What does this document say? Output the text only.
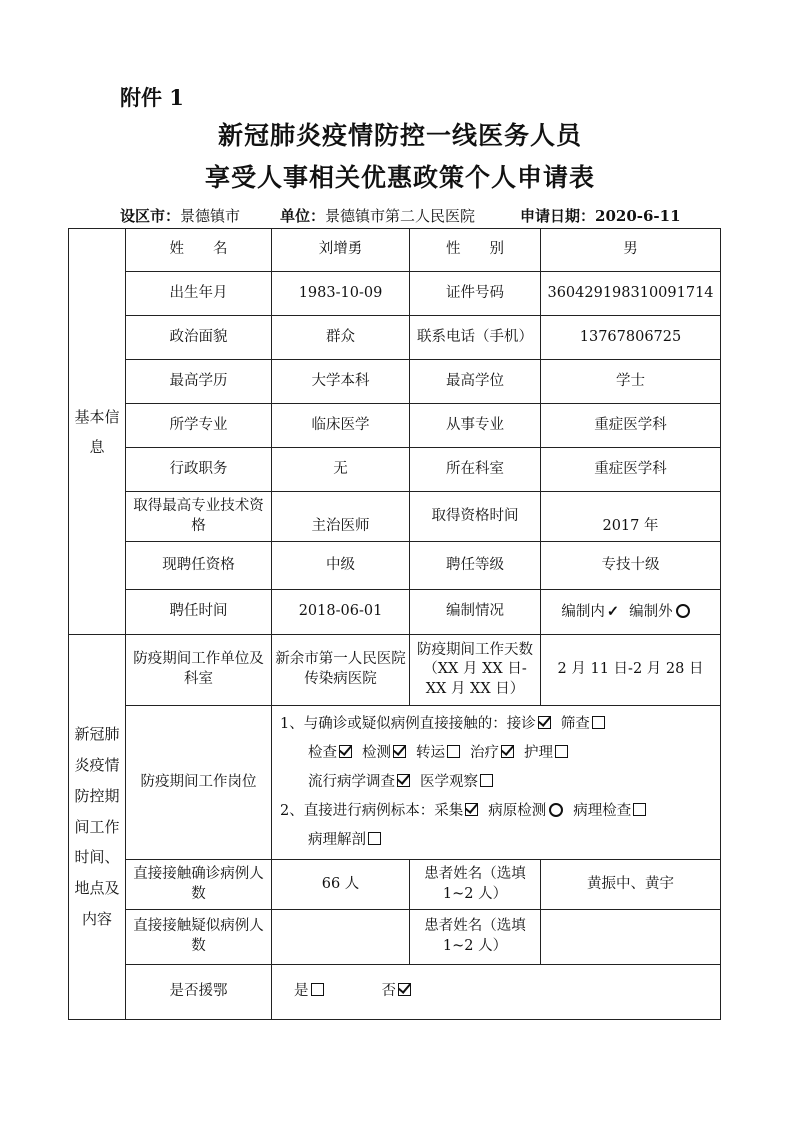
附件 1
新冠肺炎疫情防控一线医务人员
享受人事相关优惠政策个人申请表
设区市：景德镇市	单位：景德镇市第二人民医院	申请日期：2020-6-11
基本信息	姓　　名	刘增勇	性　　别	男
	出生年月	1983-10-09	证件号码	360429198310091714
	政治面貌	群众	联系电话（手机）	13767806725
	最高学历	大学本科	最高学位	学士
	所学专业	临床医学	从事专业	重症医学科
	行政职务	无	所在科室	重症医学科
	取得最高专业技术资格	主治医师	取得资格时间	2017 年
	现聘任资格	中级	聘任等级	专技十级
	聘任时间	2018-06-01	编制情况	编制内 ✓ 编制外
新冠肺炎疫情防控期间工作时间、地点及内容	防疫期间工作单位及科室	新余市第一人民医院传染病医院	防疫期间工作天数（XX 月 XX 日-XX 月 XX 日）	2 月 11 日-2 月 28 日
	防疫期间工作岗位	1、与确诊或疑似病例直接接触的：接诊 筛查
检查 检测 转运 治疗 护理
流行病学调查 医学观察
2、直接进行病例标本：采集 病原检测 病理检查
病理解剖		

	直接接触确诊病例人数	66 人	患者姓名（选填 1~2 人）	黄振中、黄宇
	直接接触疑似病例人数		患者姓名（选填 1~2 人）	
	是否援鄂	是 否		
